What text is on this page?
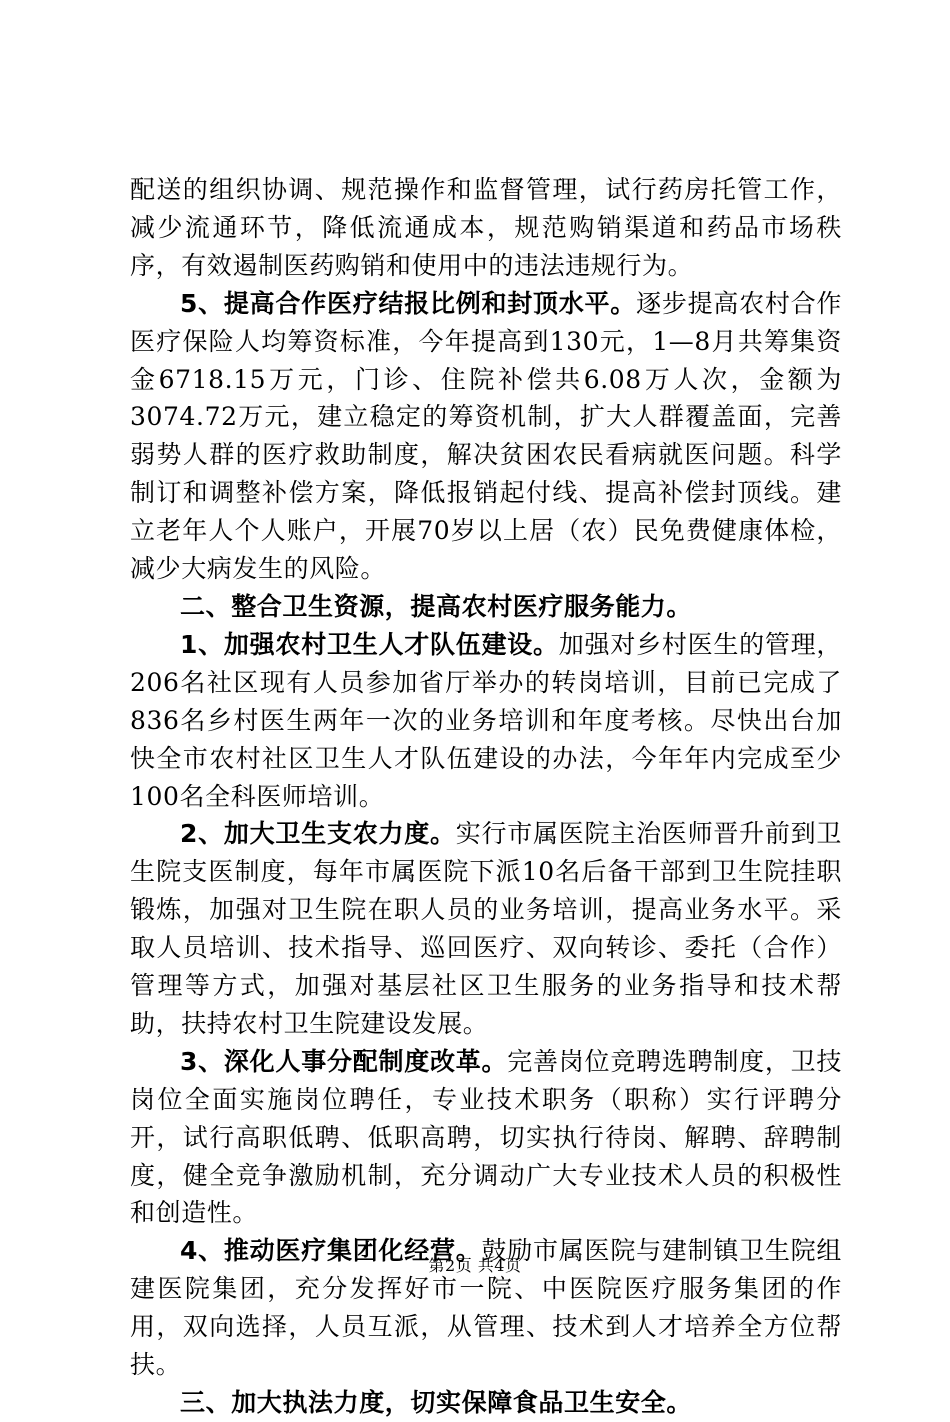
配送的组织协调、规范操作和监督管理，试行药房托管工作，减少流通环节，降低流通成本，规范购销渠道和药品市场秩序，有效遏制医药购销和使用中的违法违规行为。

5、提高合作医疗结报比例和封顶水平。逐步提高农村合作医疗保险人均筹资标准，今年提高到130元，1—8月共筹集资金6718.15万元，门诊、住院补偿共6.08万人次，金额为3074.72万元，建立稳定的筹资机制，扩大人群覆盖面，完善弱势人群的医疗救助制度，解决贫困农民看病就医问题。科学制订和调整补偿方案，降低报销起付线、提高补偿封顶线。建立老年人个人账户，开展70岁以上居（农）民免费健康体检，减少大病发生的风险。

二、整合卫生资源，提高农村医疗服务能力。

1、加强农村卫生人才队伍建设。加强对乡村医生的管理，206名社区现有人员参加省厅举办的转岗培训，目前已完成了836名乡村医生两年一次的业务培训和年度考核。尽快出台加快全市农村社区卫生人才队伍建设的办法，今年年内完成至少100名全科医师培训。

2、加大卫生支农力度。实行市属医院主治医师晋升前到卫生院支医制度，每年市属医院下派10名后备干部到卫生院挂职锻炼，加强对卫生院在职人员的业务培训，提高业务水平。采取人员培训、技术指导、巡回医疗、双向转诊、委托（合作）管理等方式，加强对基层社区卫生服务的业务指导和技术帮助，扶持农村卫生院建设发展。

3、深化人事分配制度改革。完善岗位竞聘选聘制度，卫技岗位全面实施岗位聘任，专业技术职务（职称）实行评聘分开，试行高职低聘、低职高聘，切实执行待岗、解聘、辞聘制度，健全竞争激励机制，充分调动广大专业技术人员的积极性和创造性。

4、推动医疗集团化经营。鼓励市属医院与建制镇卫生院组建医院集团，充分发挥好市一院、中医院医疗服务集团的作用，双向选择，人员互派，从管理、技术到人才培养全方位帮扶。

三、加大执法力度，切实保障食品卫生安全。

第2页 共4页
